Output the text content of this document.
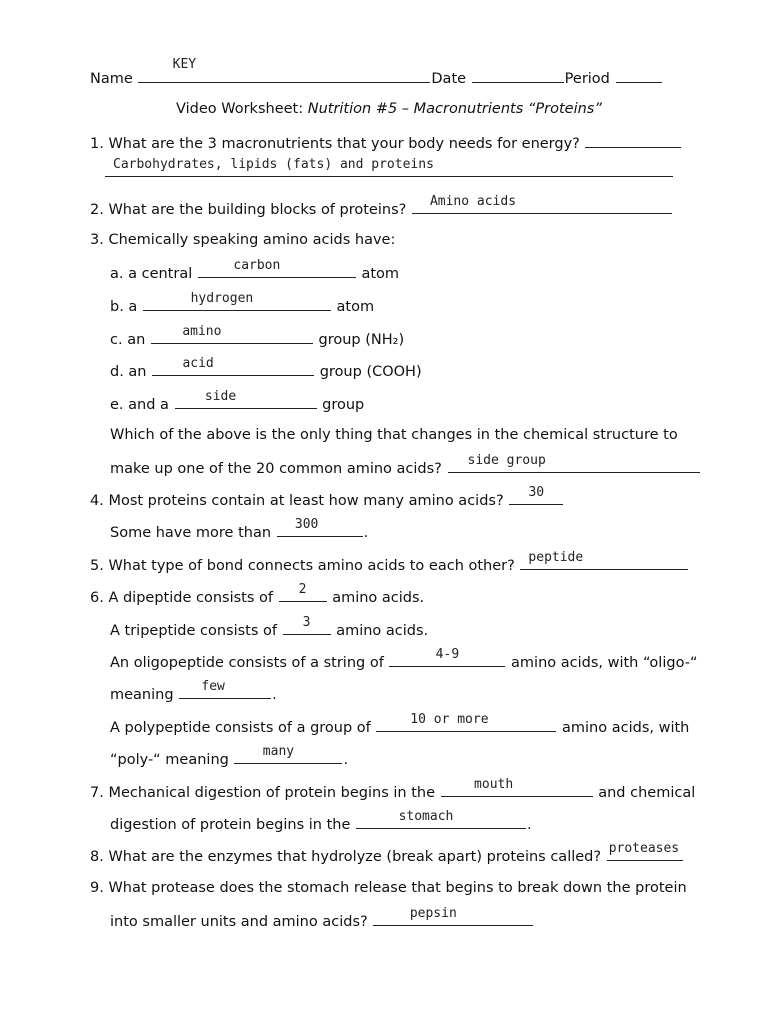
Name
KEY
Date	Period
Video Worksheet: Nutrition #5 – Macronutrients “Proteins”
1. What are the 3 macronutrients that your body needs for energy?
Carbohydrates, lipids (fats) and proteins
2. What are the building blocks of proteins?
Amino acids
3. Chemically speaking amino acids have:
a. a central
carbon
atom
b. a
hydrogen
atom
c. an
amino
group (NH₂)
d. an
acid
group (COOH)
e. and a
side
group
Which of the above is the only thing that changes in the chemical structure to
make up one of the 20 common amino acids?
side group
4. Most proteins contain at least how many amino acids?
30
Some have more than
300
.
5. What type of bond connects amino acids to each other?
peptide
6. A dipeptide consists of
2
amino acids.
A tripeptide consists of
3
amino acids.
An oligopeptide consists of a string of
4-9
amino acids, with “oligo-“
meaning
few
.
A polypeptide consists of a group of
10 or more
amino acids, with
“poly-“ meaning
many
.
7. Mechanical digestion of protein begins in the
mouth
and chemical
digestion of protein begins in the
stomach
.
8. What are the enzymes that hydrolyze (break apart) proteins called?
proteases
9. What protease does the stomach release that begins to break down the protein
into smaller units and amino acids?
pepsin
